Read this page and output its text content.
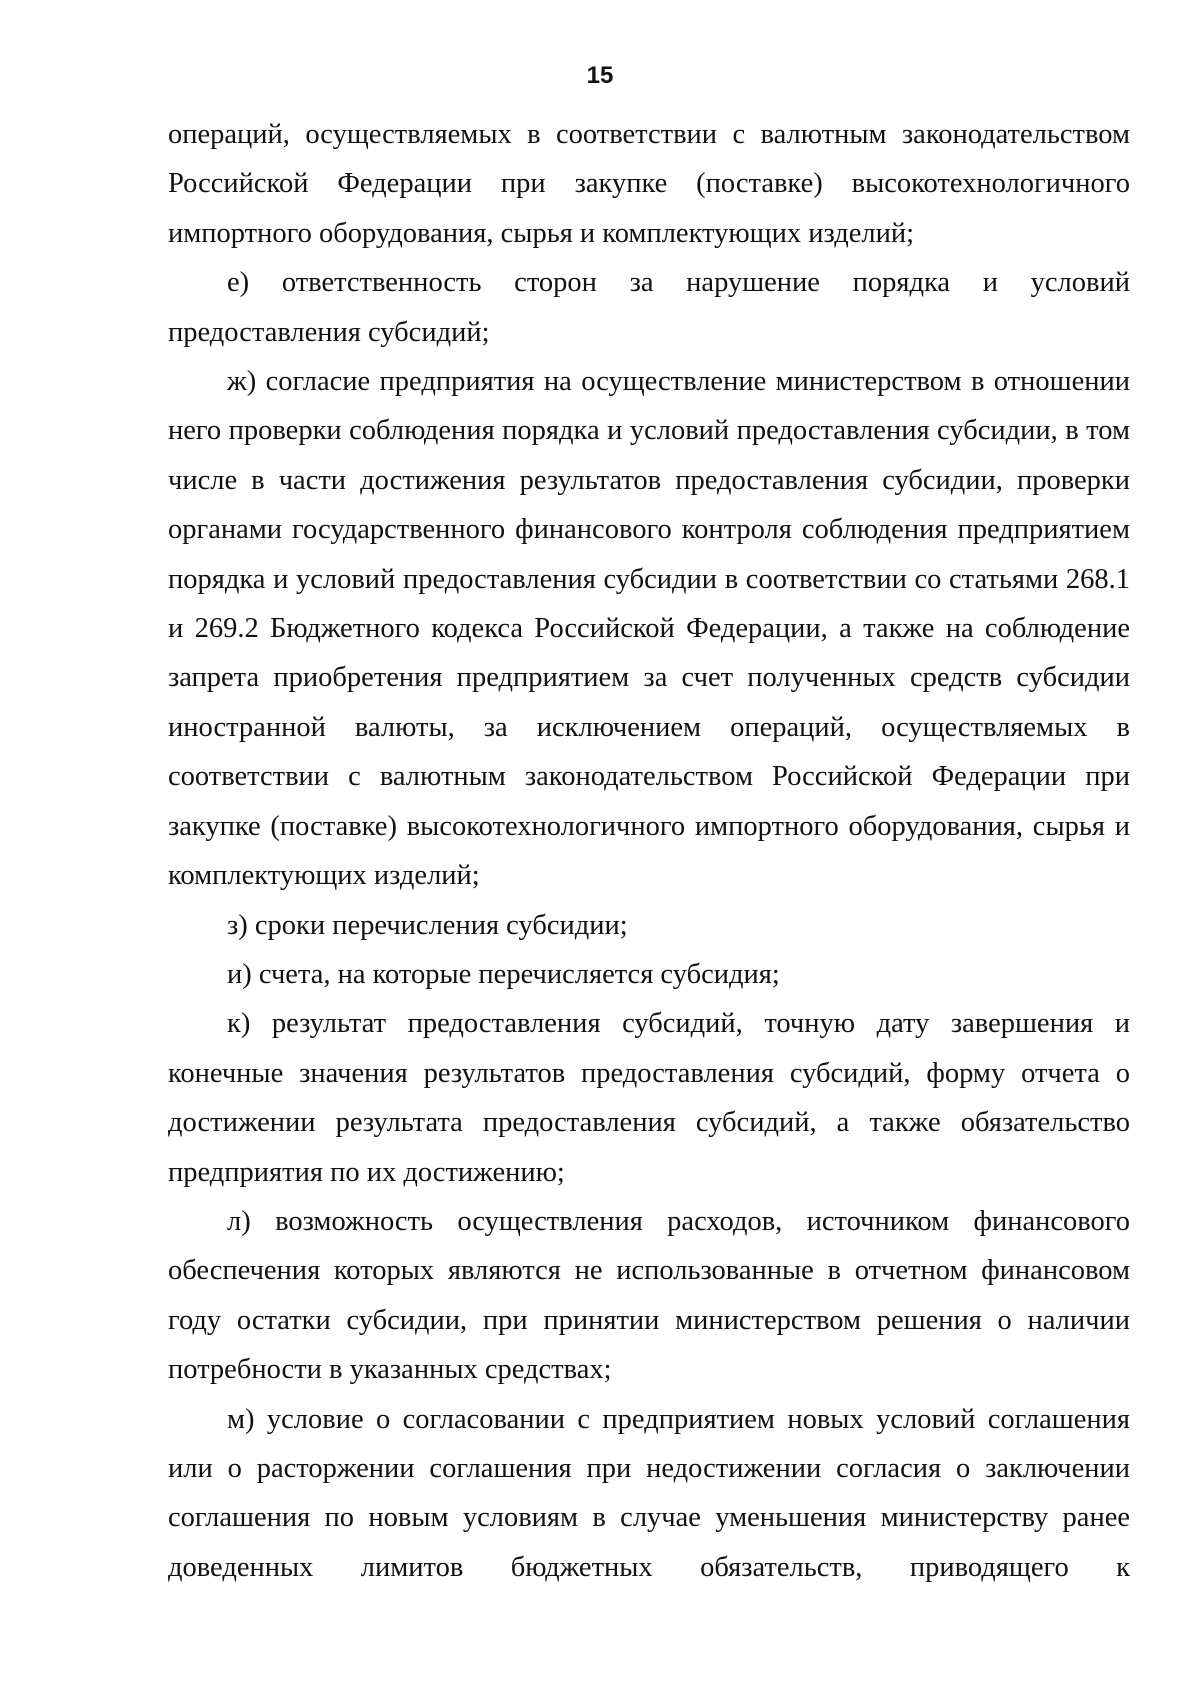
15

операций, осуществляемых в соответствии с валютным законодательством Российской Федерации при закупке (поставке) высокотехнологичного импортного оборудования, сырья и комплектующих изделий;

е) ответственность сторон за нарушение порядка и условий предоставления субсидий;

ж) согласие предприятия на осуществление министерством в отношении него проверки соблюдения порядка и условий предоставления субсидии, в том числе в части достижения результатов предоставления субсидии, проверки органами государственного финансового контроля соблюдения предприятием порядка и условий предоставления субсидии в соответствии со статьями 268.1 и 269.2 Бюджетного кодекса Российской Федерации, а также на соблюдение запрета приобретения предприятием за счет полученных средств субсидии иностранной валюты, за исключением операций, осуществляемых в соответствии с валютным законодательством Российской Федерации при закупке (поставке) высокотехнологичного импортного оборудования, сырья и комплектующих изделий;

з) сроки перечисления субсидии;

и) счета, на которые перечисляется субсидия;

к) результат предоставления субсидий, точную дату завершения и конечные значения результатов предоставления субсидий, форму отчета о достижении результата предоставления субсидий, а также обязательство предприятия по их достижению;

л) возможность осуществления расходов, источником финансового обеспечения которых являются не использованные в отчетном финансовом году остатки субсидии, при принятии министерством решения о наличии потребности в указанных средствах;

м) условие о согласовании с предприятием новых условий соглашения или о расторжении соглашения при недостижении согласия о заключении соглашения по новым условиям в случае уменьшения министерству ранее доведенных лимитов бюджетных обязательств, приводящего к
